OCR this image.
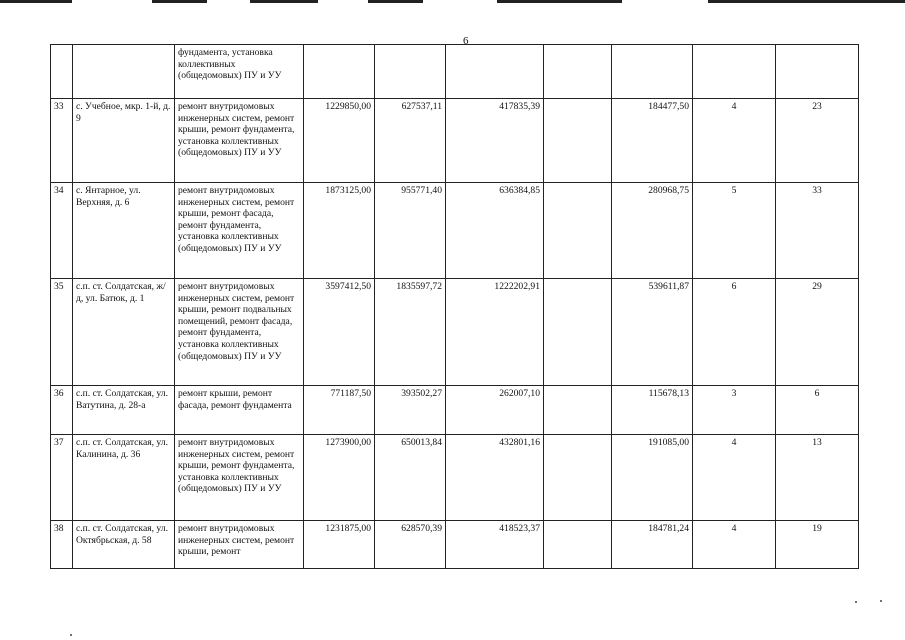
6
		фундамента, установка коллективных (общедомовых) ПУ и УУ							
33	с. Учебное, мкр. 1-й, д. 9	ремонт внутридомовых инженерных систем, ремонт крыши, ремонт фундамента, установка коллективных (общедомовых) ПУ и УУ	1229850,00	627537,11	417835,39		184477,50	4	23
34	с. Янтарное, ул. Верхняя, д. 6	ремонт внутридомовых инженерных систем, ремонт крыши, ремонт фасада, ремонт фундамента, установка коллективных (общедомовых) ПУ и УУ	1873125,00	955771,40	636384,85		280968,75	5	33
35	с.п. ст. Солдатская, ж/д, ул. Батюк, д. 1	ремонт внутридомовых инженерных систем, ремонт крыши, ремонт подвальных помещений, ремонт фасада, ремонт фундамента, установка коллективных (общедомовых) ПУ и УУ	3597412,50	1835597,72	1222202,91		539611,87	6	29
36	с.п. ст. Солдатская, ул. Ватутина, д. 28-а	ремонт крыши, ремонт фасада, ремонт фундамента	771187,50	393502,27	262007,10		115678,13	3	6
37	с.п. ст. Солдатская, ул. Калинина, д. 36	ремонт внутридомовых инженерных систем, ремонт крыши, ремонт фундамента, установка коллективных (общедомовых) ПУ и УУ	1273900,00	650013,84	432801,16		191085,00	4	13
38	с.п. ст. Солдатская, ул. Октябрьская, д. 58	ремонт внутридомовых инженерных систем, ремонт крыши, ремонт	1231875,00	628570,39	418523,37		184781,24	4	19
